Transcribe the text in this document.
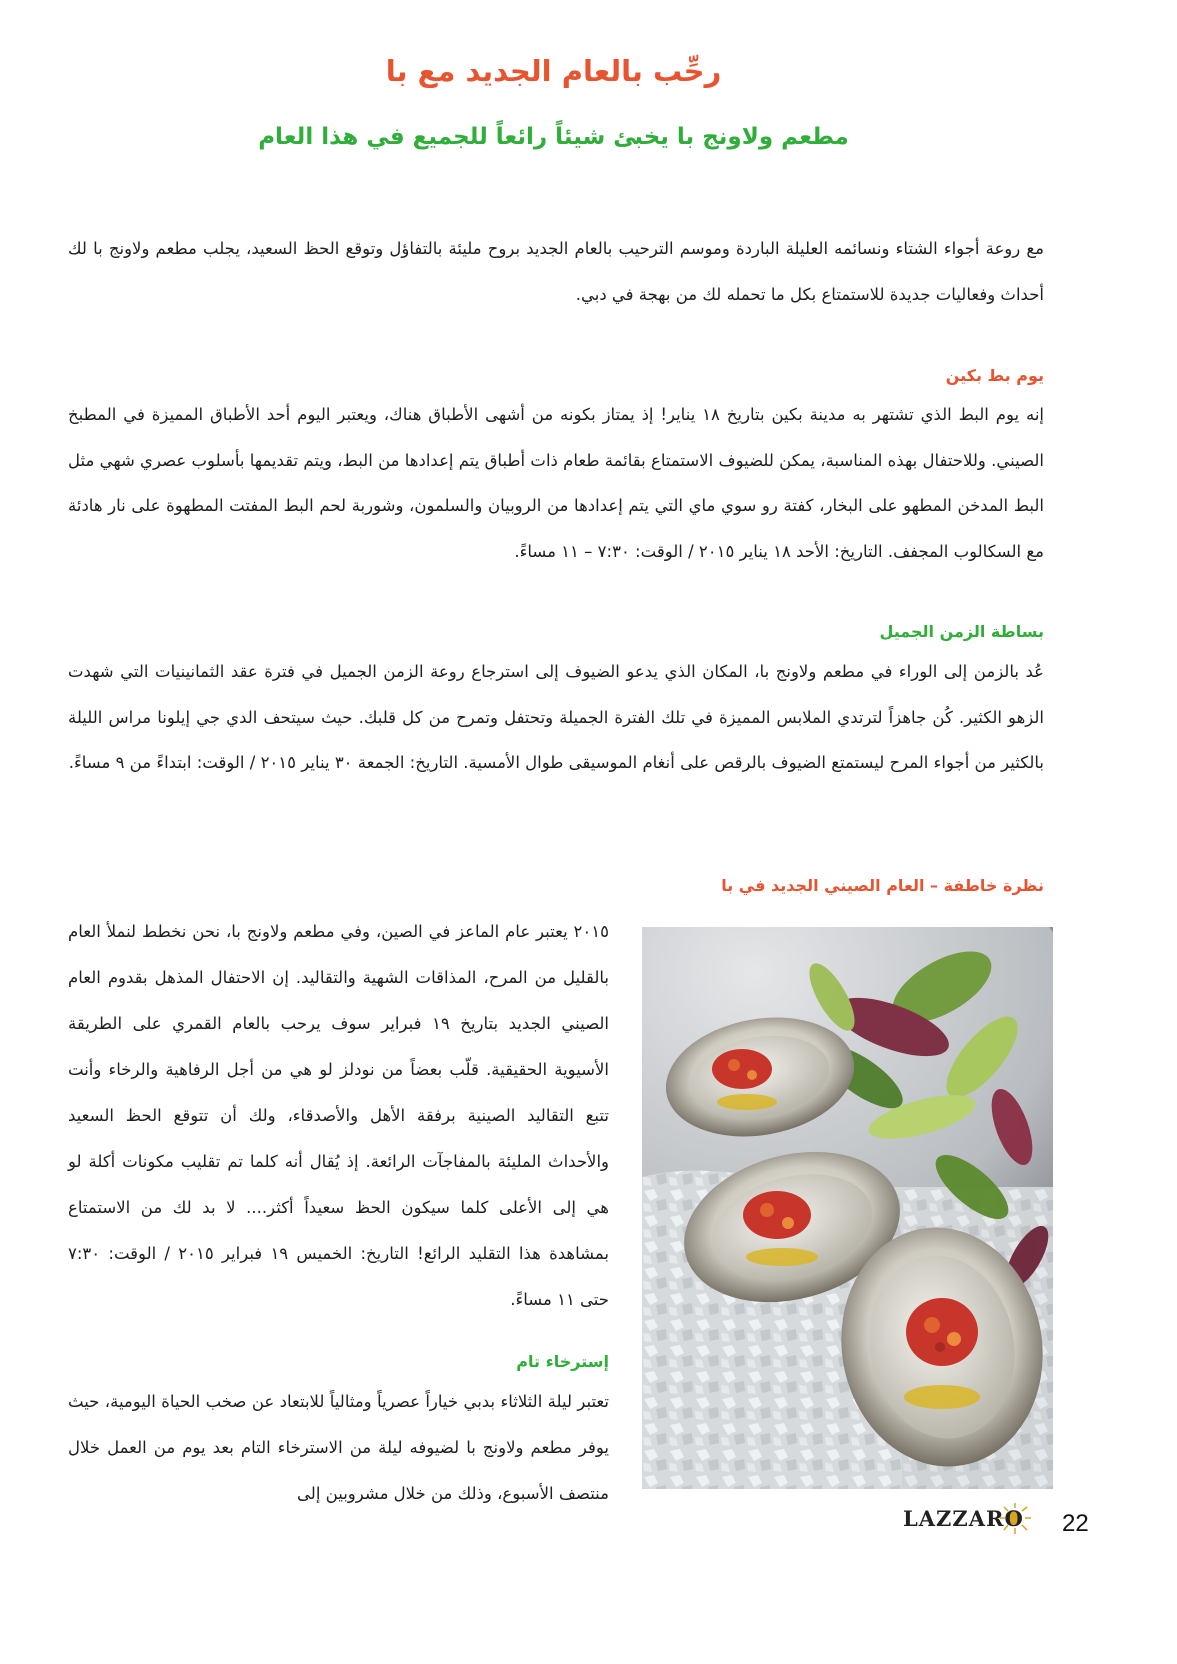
رحِّب بالعام الجديد مع با
مطعم ولاونج با يخبئ شيئاً رائعاً للجميع في هذا العام
مع روعة أجواء الشتاء ونسائمه العليلة الباردة وموسم الترحيب بالعام الجديد بروح مليئة بالتفاؤل وتوقع الحظ السعيد، يجلب مطعم ولاونج با لك أحداث وفعاليات جديدة للاستمتاع بكل ما تحمله لك من بهجة في دبي.
يوم بط بكين
إنه يوم البط الذي تشتهر به مدينة بكين بتاريخ ١٨ يناير! إذ يمتاز بكونه من أشهى الأطباق هناك، ويعتبر اليوم أحد الأطباق المميزة في المطبخ الصيني. وللاحتفال بهذه المناسبة، يمكن للضيوف الاستمتاع بقائمة طعام ذات أطباق يتم إعدادها من البط، ويتم تقديمها بأسلوب عصري شهي مثل البط المدخن المطهو على البخار، كفتة رو سوي ماي التي يتم إعدادها من الروبيان والسلمون، وشوربة لحم البط المفتت المطهوة على نار هادئة مع السكالوب المجفف. التاريخ: الأحد ١٨ يناير ٢٠١٥ / الوقت: ٧:٣٠ – ١١ مساءً.
بساطة الزمن الجميل
عُد بالزمن إلى الوراء في مطعم ولاونج با، المكان الذي يدعو الضيوف إلى استرجاع روعة الزمن الجميل في فترة عقد الثمانينيات التي شهدت الزهو الكثير. كُن جاهزاً لترتدي الملابس المميزة في تلك الفترة الجميلة وتحتفل وتمرح من كل قلبك. حيث سيتحف الدي جي إيلونا مراس الليلة بالكثير من أجواء المرح ليستمتع الضيوف بالرقص على أنغام الموسيقى طوال الأمسية. التاريخ: الجمعة ٣٠ يناير ٢٠١٥ / الوقت: ابتداءً من ٩ مساءً.
نظرة خاطفة – العام الصيني الجديد في با
٢٠١٥ يعتبر عام الماعز في الصين، وفي مطعم ولاونج با، نحن نخطط لنملأ العام بالقليل من المرح، المذاقات الشهية والتقاليد. إن الاحتفال المذهل بقدوم العام الصيني الجديد بتاريخ ١٩ فبراير سوف يرحب بالعام القمري على الطريقة الأسيوية الحقيقية. قلّب بعضاً من نودلز لو هي من أجل الرفاهية والرخاء وأنت تتبع التقاليد الصينية برفقة الأهل والأصدقاء، ولك أن تتوقع الحظ السعيد والأحداث المليئة بالمفاجآت الرائعة. إذ يُقال أنه كلما تم تقليب مكونات أكلة لو هي إلى الأعلى كلما سيكون الحظ سعيداً أكثر.... لا بد لك من الاستمتاع بمشاهدة هذا التقليد الرائع! التاريخ: الخميس ١٩ فبراير ٢٠١٥ / الوقت: ٧:٣٠ حتى ١١ مساءً.
إسترخاء تام
تعتبر ليلة الثلاثاء بدبي خياراً عصرياً ومثالياً للابتعاد عن صخب الحياة اليومية، حيث يوفر مطعم ولاونج با لضيوفه ليلة من الاسترخاء التام بعد يوم من العمل خلال منتصف الأسبوع، وذلك من خلال مشروبين إلى
LAZZARO 22
